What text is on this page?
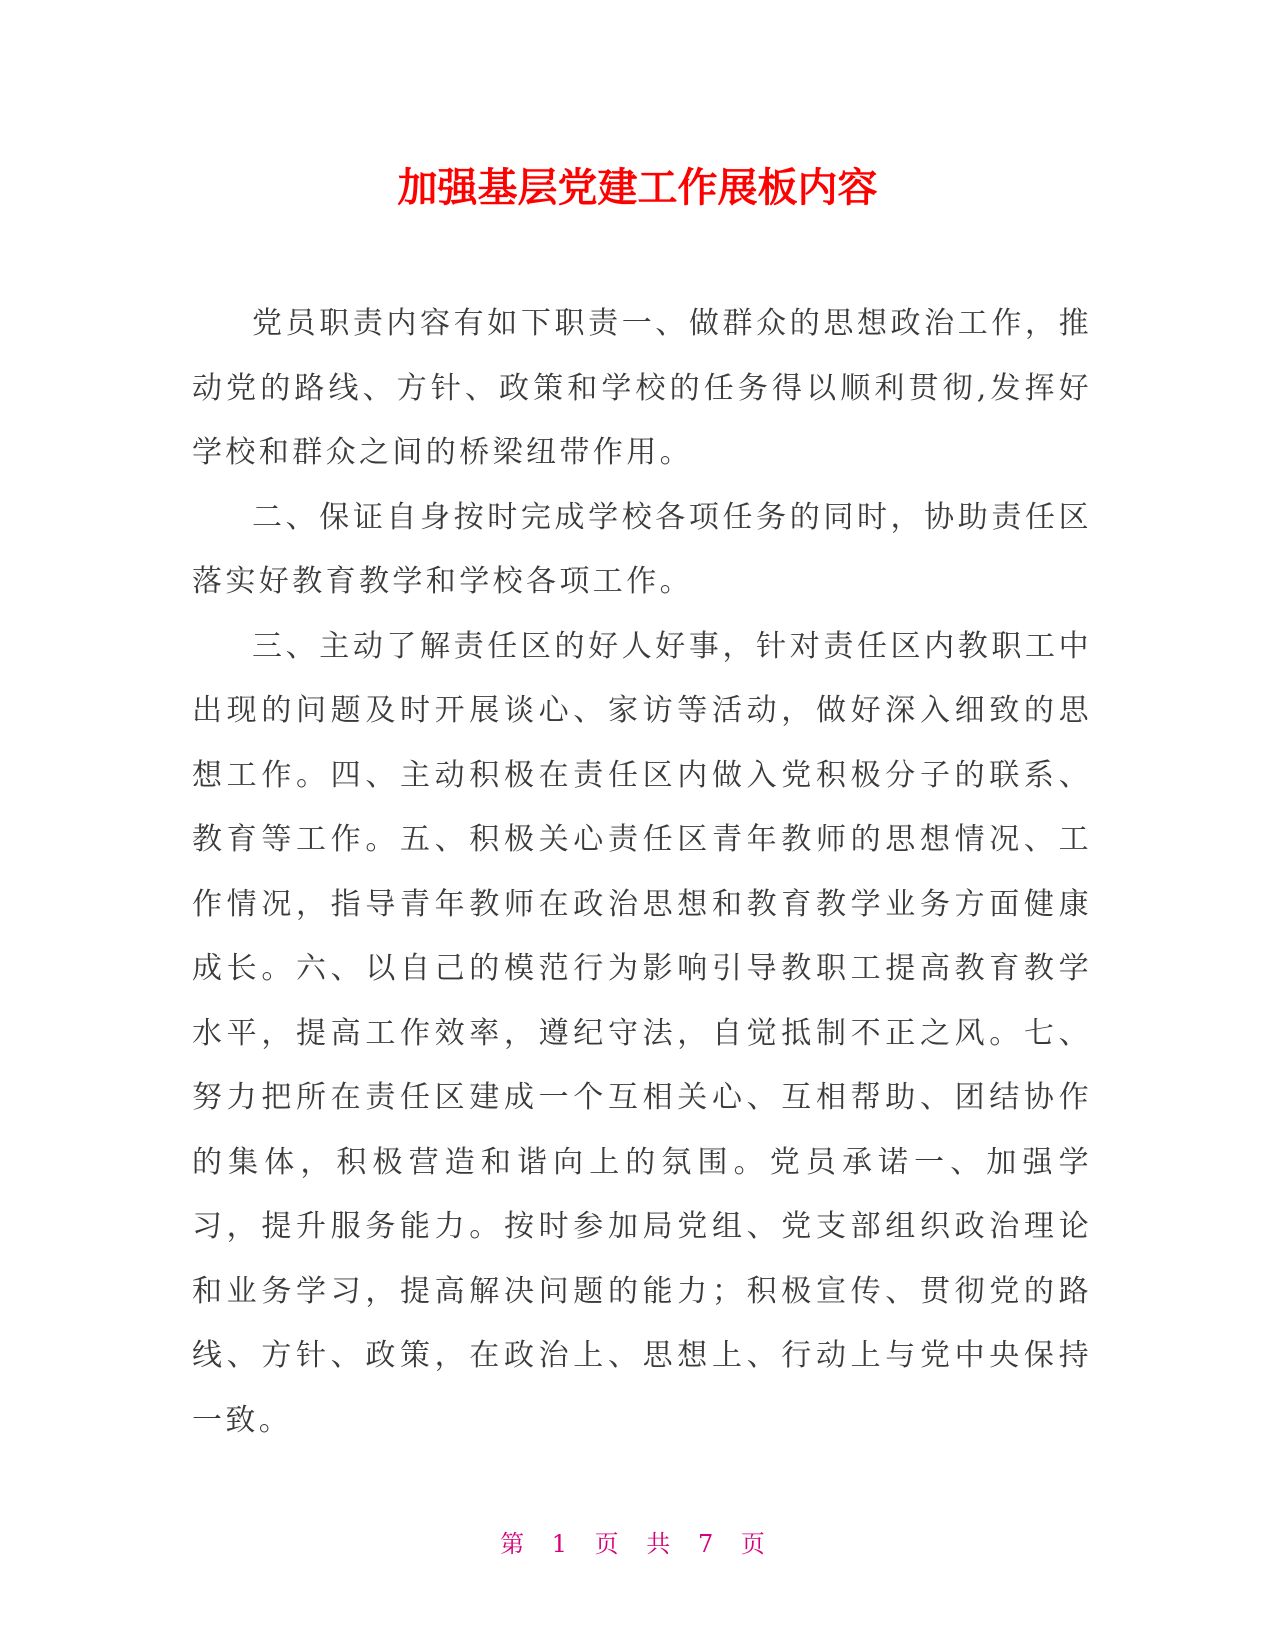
加强基层党建工作展板内容

党员职责内容有如下职责一、做群众的思想政治工作，推动党的路线、方针、政策和学校的任务得以顺利贯彻,发挥好学校和群众之间的桥梁纽带作用。

二、保证自身按时完成学校各项任务的同时，协助责任区落实好教育教学和学校各项工作。

三、主动了解责任区的好人好事，针对责任区内教职工中出现的问题及时开展谈心、家访等活动，做好深入细致的思想工作。四、主动积极在责任区内做入党积极分子的联系、教育等工作。五、积极关心责任区青年教师的思想情况、工作情况，指导青年教师在政治思想和教育教学业务方面健康成长。六、以自己的模范行为影响引导教职工提高教育教学水平，提高工作效率，遵纪守法，自觉抵制不正之风。七、努力把所在责任区建成一个互相关心、互相帮助、团结协作的集体，积极营造和谐向上的氛围。党员承诺一、加强学习，提升服务能力。按时参加局党组、党支部组织政治理论和业务学习，提高解决问题的能力；积极宣传、贯彻党的路线、方针、政策，在政治上、思想上、行动上与党中央保持一致。

第 1 页 共 7 页
